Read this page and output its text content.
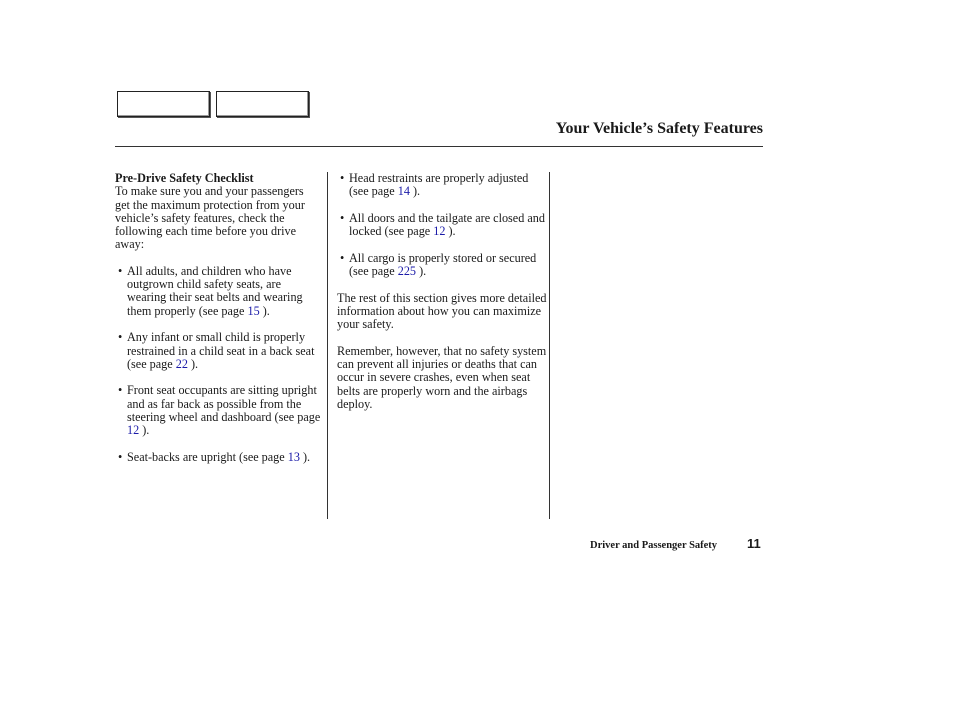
Your Vehicle’s Safety Features

Pre-Drive Safety Checklist

To make sure you and your passengers get the maximum protection from your vehicle’s safety features, check the following each time before you drive away:

• All adults, and children who have outgrown child safety seats, are wearing their seat belts and wearing them properly (see page 15 ).
• Any infant or small child is properly restrained in a child seat in a back seat (see page 22 ).
• Front seat occupants are sitting upright and as far back as possible from the steering wheel and dashboard (see page 12 ).
• Seat-backs are upright (see page 13 ).
• Head restraints are properly adjusted (see page 14 ).
• All doors and the tailgate are closed and locked (see page 12 ).
• All cargo is properly stored or secured (see page 225 ).

The rest of this section gives more detailed information about how you can maximize your safety.

Remember, however, that no safety system can prevent all injuries or deaths that can occur in severe crashes, even when seat belts are properly worn and the airbags deploy.

Driver and Passenger Safety 11
